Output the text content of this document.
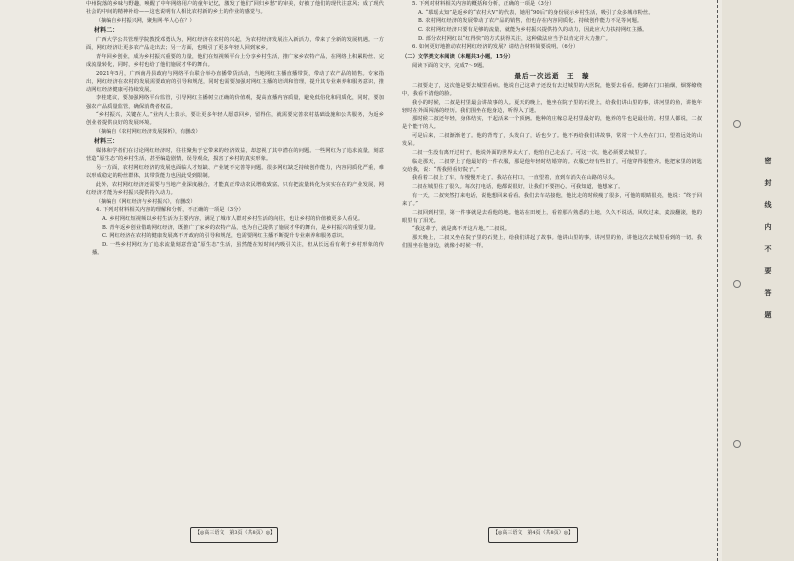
中州院落的乡味与野趣，唤醒了中年网络用户的童年记忆，激发了他们“回归乡愁”的审美，好被了他们的现代注意风；成了现代社会的中间的精神补给——这也说明有人相比农村新的乡土的作业的感觉与。

（摘编自乡村振兴网，聚焦网·华人心在？）

材料二：

广西大学公共管理学院教授邓勇认为，网红经济在农村的兴起，为农村经济发展注入新活力，带来了全新的发展机遇。一方面，网红经济让更多农产品走出去；另一方面，也吸引了更多年轻人回到家乡。

青年回乡创业，成为乡村振兴重要的力量，他们在短视频平台上分享乡村生活，推广家乡农特产品，在网络上积累粉丝、完成流量转化，同时，乡村也给了他们施展才华的舞台。

2021年5月，广西南丹县政府与网络平台联合举办直播带货活动，当地网红主播直播带货，带动了农产品的销售。专家指出，网红经济在农村的发展需要政府的引导和规范，同时也需要加强对网红主播的培训和管理，提升其专业素养和服务意识，推动网红经济健康可持续发展。

李桂建议，要加强网络平台监管，引导网红主播树立正确的价值观，提高直播内容质量，避免低俗化和同质化，同时，要加强农产品质量监管，确保消费者权益。

“乡村振兴，关键在人。”业内人士表示，要让更多年轻人愿意回乡，留得住，就需要完善农村基础设施和公共服务，为返乡创业者提供良好的发展环境。

（摘编自《农村网红经济发展探析》，有删改）

材料三：

媒体和学者们在讨论网红经济时，往往聚焦于它带来的经济效益，却忽视了其中潜在的问题。一些网红为了追求流量，刻意营造“原生态”的乡村生活，甚至编造剧情，误导观众，损害了乡村的真实形象。

另一方面，农村网红经济的发展也面临人才短缺、产业链不完善等问题。很多网红缺乏持续创作能力，内容同质化严重，难以形成稳定的粉丝群体，其带货能力也因此受到限制。

此外，农村网红经济还需要与当地产业深度融合，才能真正带动农民增收致富。只有把流量转化为实实在在的产业发展，网红经济才能为乡村振兴提供持久动力。

（摘编自《网红经济与乡村振兴》，有删改）

4. 下列对材料相关内容的理解和分析，不正确的一项是（3分）

A. 乡村网红短视频以乡村生活为主要内容，满足了城市人群对乡村生活的向往，也让乡村的价值被更多人看见。

B. 青年返乡创业借助网红经济，既推广了家乡的农特产品，也为自己提供了施展才华的舞台，是乡村振兴的重要力量。

C. 网红经济在农村的健康发展离不开政府的引导和规范，也需要网红主播不断提升专业素养和服务意识。

D. 一些乡村网红为了追求流量刻意营造“原生态”生活，虽然能在短时间内吸引关注，但从长远看有利于乡村形象的传播。

5. 下列对材料相关内容的概括和分析，正确的一项是（3分）

A. “慕瑶太知”是返乡的“农村大V”的代表，她用“90后”的身份展示乡村生活，吸引了众多城市粉丝。

B. 农村网红经济的发展带动了农产品的销售，但也存在内容同质化、持续创作能力不足等问题。

C. 农村网红经济只要有足够的流量，就能为乡村振兴提供持久的动力，因此应大力扶持网红主播。

D. 部分农村网红以“红得快”的方式获得关注，这种做法应当予以肯定并大力推广。

6. 如何更好地推动农村网红经济的发展？请结合材料简要说明。（6分）

（二）文学类文本阅读（本题共3小题，15分）

阅读下面的文字，完成7～9题。

最后一次远逝　王　璇

二叔要走了，这次他是要去城里看病。他说自己这辈子还没有去过城里的大医院，他要去看看。他蹲在门口抽烟，烟雾缭绕中，我看不清他的脸。

我小的时候，二叔是村里最会讲故事的人。夏天的晚上，他坐在院子里的石凳上，给我们讲山里的事，讲河里的鱼，讲他年轻时在外面闯荡的经历。我们围坐在他身边，听得入了迷。

那时候二叔还年轻，身体结实，干起活来一个顶俩。他种的庄稼总是村里最好的，他养的牛也是最壮的。村里人都说，二叔是个能干的人。

可是后来，二叔渐渐老了。他的背弯了，头发白了，话也少了。他不再给我们讲故事，常常一个人坐在门口，望着远处的山发呆。

二叔一生没有离开过村子，他说外面的世界太大了，他怕自己走丢了。可这一次，他必须要去城里了。

临走那天，二叔穿上了他最好的一件衣服，那是他年轻时结婚穿的。衣服已经有些旧了，可他穿得很整齐。他把家里的钥匙交给我，说：“帮我照看好院子。”

我看着二叔上了车，车慢慢开走了。我站在村口，一直望着，直到车消失在山路的尽头。

二叔在城里住了很久。每次打电话，他都说很好，让我们不要担心。可我知道，他想家了。

有一天，二叔突然打来电话，说他想回来看看。我们去车站接他，他比走的时候瘦了很多，可他的眼睛很亮，他说：“终于回来了。”

二叔回到村里，第一件事就是去看他的地。他站在田埂上，看着那片熟悉的土地，久久不说话。风吹过来，麦浪翻滚，他的眼里有了泪光。

“我这辈子，就是离不开这片地。”二叔说。

那天晚上，二叔又坐在院子里的石凳上，给我们讲起了故事。他讲山里的事，讲河里的鱼，讲他这次去城里看到的一切。我们围坐在他身边，就像小时候一样。

【◎高三语文　第3页（共8页）◎】	【◎高三语文　第4页（共8页）◎】
密
封
线
内
不
要
答
题
